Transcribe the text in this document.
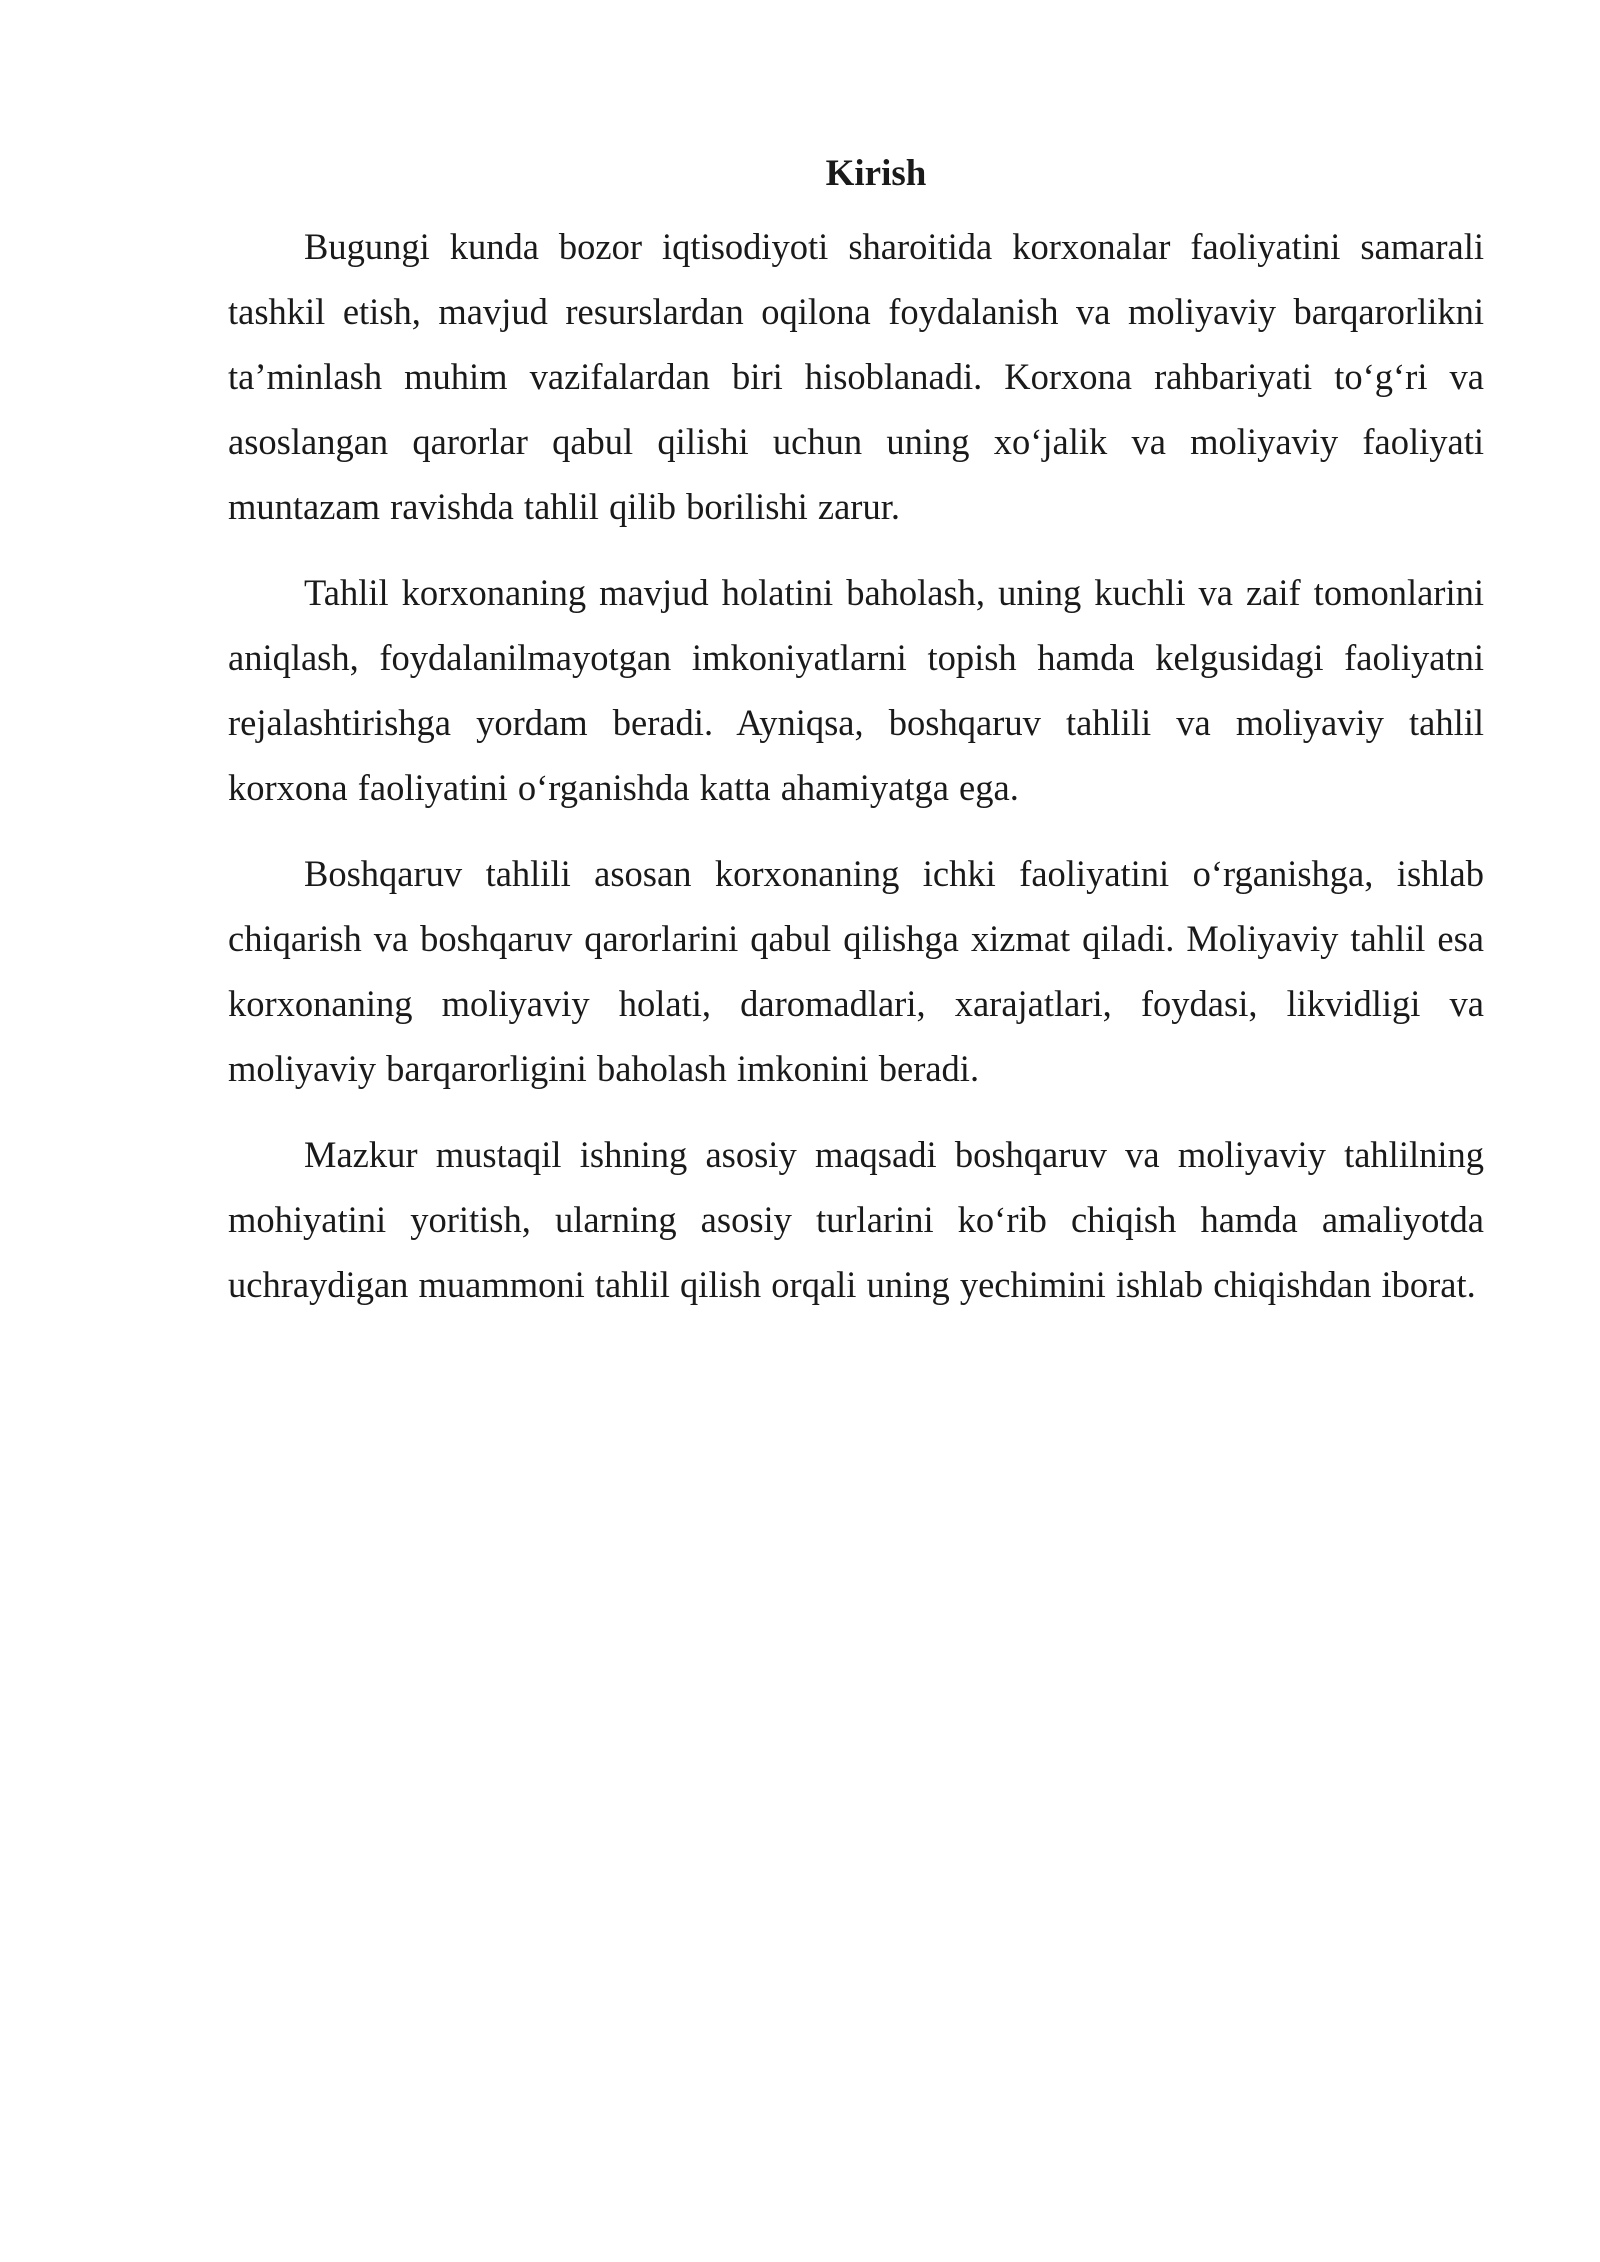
Kirish

Bugungi kunda bozor iqtisodiyoti sharoitida korxonalar faoliyatini samarali tashkil etish, mavjud resurslardan oqilona foydalanish va moliyaviy barqarorlikni ta’minlash muhim vazifalardan biri hisoblanadi. Korxona rahbariyati to‘g‘ri va asoslangan qarorlar qabul qilishi uchun uning xo‘jalik va moliyaviy faoliyati muntazam ravishda tahlil qilib borilishi zarur.

Tahlil korxonaning mavjud holatini baholash, uning kuchli va zaif tomonlarini aniqlash, foydalanilmayotgan imkoniyatlarni topish hamda kelgusidagi faoliyatni rejalashtirishga yordam beradi. Ayniqsa, boshqaruv tahlili va moliyaviy tahlil korxona faoliyatini o‘rganishda katta ahamiyatga ega.

Boshqaruv tahlili asosan korxonaning ichki faoliyatini o‘rganishga, ishlab chiqarish va boshqaruv qarorlarini qabul qilishga xizmat qiladi. Moliyaviy tahlil esa korxonaning moliyaviy holati, daromadlari, xarajatlari, foydasi, likvidligi va moliyaviy barqarorligini baholash imkonini beradi.

Mazkur mustaqil ishning asosiy maqsadi boshqaruv va moliyaviy tahlilning mohiyatini yoritish, ularning asosiy turlarini ko‘rib chiqish hamda amaliyotda uchraydigan muammoni tahlil qilish orqali uning yechimini ishlab chiqishdan iborat.
